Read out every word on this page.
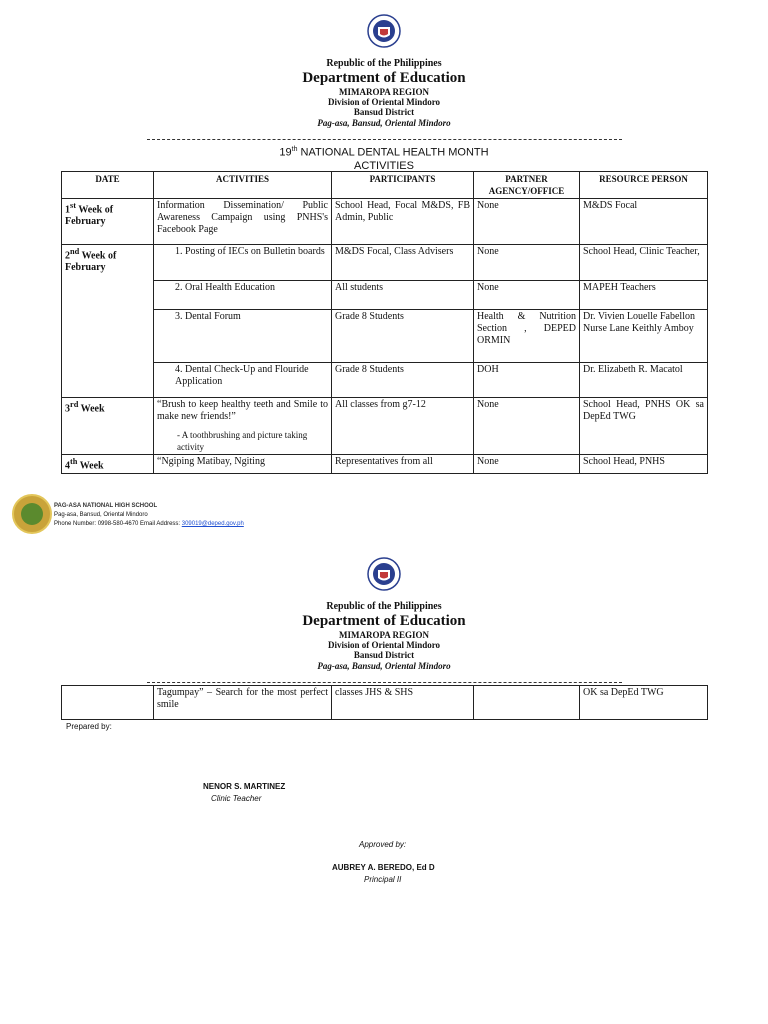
Republic of the Philippines
Department of Education
MIMAROPA REGION
Division of Oriental Mindoro
Bansud District
Pag-asa, Bansud, Oriental Mindoro
19th NATIONAL DENTAL HEALTH MONTH
ACTIVITIES
DATE	ACTIVITIES	PARTICIPANTS	PARTNER AGENCY/OFFICE	RESOURCE PERSON
1st Week of February	Information Dissemination/ Public Awareness Campaign using PNHS's Facebook Page	School Head, Focal M&DS, FB Admin, Public	None	M&DS Focal
2nd Week of February	1. Posting of IECs on Bulletin boards	M&DS Focal, Class Advisers	None	School Head, Clinic Teacher,

	2. Oral Health Education	All students	None	MAPEH Teachers

	3. Dental Forum	Grade 8 Students	Health & Nutrition Section , DEPED ORMIN	Dr. Vivien Louelle Fabellon Nurse Lane Keithly Amboy

	4. Dental Check-Up and Flouride Application	Grade 8 Students	DOH	Dr. Elizabeth R. Macatol
3rd Week	“Brush to keep healthy teeth and Smile to make new friends!”
- A toothbrushing and picture taking activity	All classes from g7-12	None	School Head, PNHS OK sa DepEd TWG
4th Week	“Ngiping Matibay, Ngiting	Representatives from all	None	School Head, PNHS
PAG-ASA NATIONAL HIGH SCHOOL
Pag-asa, Bansud, Oriental Mindoro
Phone Number: 0998-580-4670 Email Address: 309019@deped.gov.ph
Republic of the Philippines
Department of Education
MIMAROPA REGION
Division of Oriental Mindoro
Bansud District
Pag-asa, Bansud, Oriental Mindoro
	Tagumpay” – Search for the most perfect smile	classes JHS & SHS		OK sa DepEd TWG
Prepared by:
NENOR S. MARTINEZ
Clinic Teacher
Approved by:
AUBREY A. BEREDO, Ed D
Principal II
